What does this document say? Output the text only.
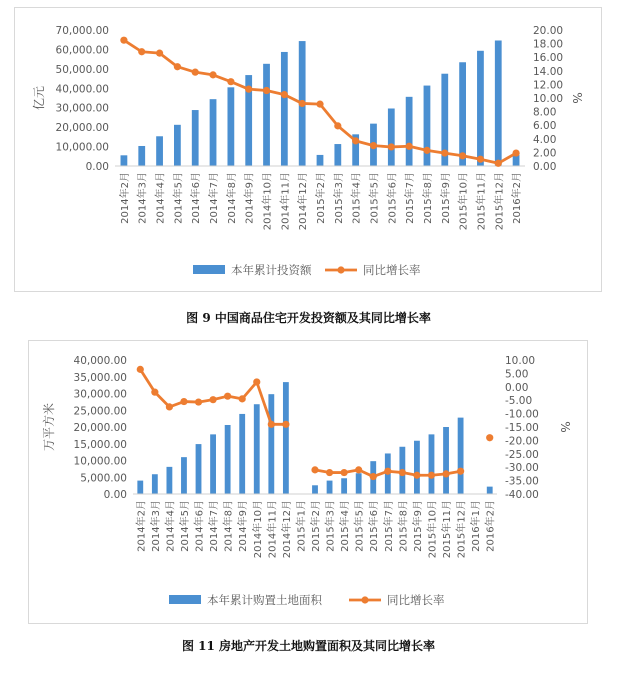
0.00
10,000.00
20,000.00
30,000.00
40,000.00
50,000.00
60,000.00
70,000.00
0.00
2.00
4.00
6.00
8.00
10.00
12.00
14.00
16.00
18.00
20.00
亿元	%
2014年2月 2014年3月 2014年4月 2014年5月 2014年6月 2014年7月 2014年8月 2014年9月 2014年10月 2014年11月 2014年12月 2015年2月 2015年3月 2015年4月 2015年5月 2015年6月 2015年7月 2015年8月 2015年9月 2015年10月 2015年11月 2015年12月 2016年2月
本年累计投资额	同比增长率
图 9 中国商品住宅开发投资额及其同比增长率
0.00
5,000.00
10,000.00
15,000.00
20,000.00
25,000.00
30,000.00
35,000.00
40,000.00
-40.00
-35.00
-30.00
-25.00
-20.00
-15.00
-10.00
-5.00
0.00
5.00
10.00
万平方米	%
2014年2月 2014年3月 2014年4月 2014年5月 2014年6月 2014年7月 2014年8月 2014年9月 2014年10月 2014年11月 2014年12月 2015年1月 2015年2月 2015年3月 2015年4月 2015年5月 2015年6月 2015年7月 2015年8月 2015年9月 2015年10月 2015年11月 2015年12月 2016年1月 2016年2月
本年累计购置土地面积	同比增长率
图 11 房地产开发土地购置面积及其同比增长率
